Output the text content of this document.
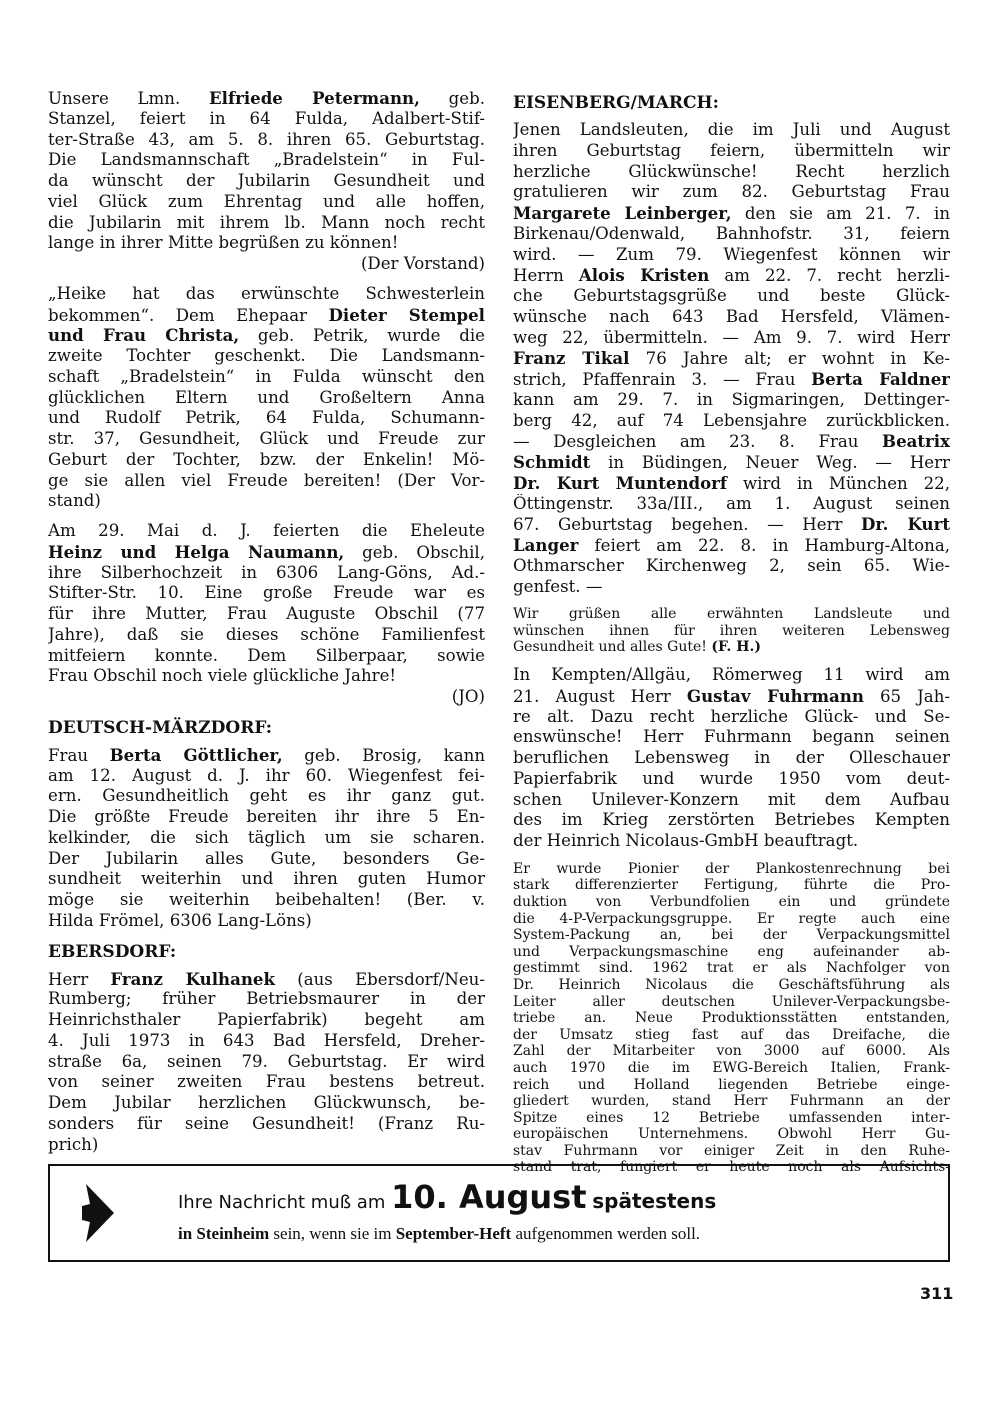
Unsere Lmn. Elfriede Petermann, geb.
Stanzel, feiert in 64 Fulda, Adalbert-Stif-
ter-Straße 43, am 5. 8. ihren 65. Geburtstag.
Die Landsmannschaft „Bradelstein“ in Ful-
da wünscht der Jubilarin Gesundheit und
viel Glück zum Ehrentag und alle hoffen,
die Jubilarin mit ihrem lb. Mann noch recht
lange in ihrer Mitte begrüßen zu können!
(Der Vorstand)
„Heike hat das erwünschte Schwesterlein
bekommen“. Dem Ehepaar Dieter Stempel
und Frau Christa, geb. Petrik, wurde die
zweite Tochter geschenkt. Die Landsmann-
schaft „Bradelstein“ in Fulda wünscht den
glücklichen Eltern und Großeltern Anna
und Rudolf Petrik, 64 Fulda, Schumann-
str. 37, Gesundheit, Glück und Freude zur
Geburt der Tochter, bzw. der Enkelin! Mö-
ge sie allen viel Freude bereiten! (Der Vor-
stand)
Am 29. Mai d. J. feierten die Eheleute
Heinz und Helga Naumann, geb. Obschil,
ihre Silberhochzeit in 6306 Lang-Göns, Ad.-
Stifter-Str. 10. Eine große Freude war es
für ihre Mutter, Frau Auguste Obschil (77
Jahre), daß sie dieses schöne Familienfest
mitfeiern konnte. Dem Silberpaar, sowie
Frau Obschil noch viele glückliche Jahre!
(JO)
DEUTSCH-MÄRZDORF:
Frau Berta Göttlicher, geb. Brosig, kann
am 12. August d. J. ihr 60. Wiegenfest fei-
ern. Gesundheitlich geht es ihr ganz gut.
Die größte Freude bereiten ihr ihre 5 En-
kelkinder, die sich täglich um sie scharen.
Der Jubilarin alles Gute, besonders Ge-
sundheit weiterhin und ihren guten Humor
möge sie weiterhin beibehalten! (Ber. v.
Hilda Frömel, 6306 Lang-Löns)
EBERSDORF:
Herr Franz Kulhanek (aus Ebersdorf/Neu-
Rumberg; früher Betriebsmaurer in der
Heinrichsthaler Papierfabrik) begeht am
4. Juli 1973 in 643 Bad Hersfeld, Dreher-
straße 6a, seinen 79. Geburtstag. Er wird
von seiner zweiten Frau bestens betreut.
Dem Jubilar herzlichen Glückwunsch, be-
sonders für seine Gesundheit! (Franz Ru-
prich)
EISENBERG/MARCH:
Jenen Landsleuten, die im Juli und August
ihren Geburtstag feiern, übermitteln wir
herzliche Glückwünsche! Recht herzlich
gratulieren wir zum 82. Geburtstag Frau
Margarete Leinberger, den sie am 21. 7. in
Birkenau/Odenwald, Bahnhofstr. 31, feiern
wird. — Zum 79. Wiegenfest können wir
Herrn Alois Kristen am 22. 7. recht herzli-
che Geburtstagsgrüße und beste Glück-
wünsche nach 643 Bad Hersfeld, Vlämen-
weg 22, übermitteln. — Am 9. 7. wird Herr
Franz Tikal 76 Jahre alt; er wohnt in Ke-
strich, Pfaffenrain 3. — Frau Berta Faldner
kann am 29. 7. in Sigmaringen, Dettinger-
berg 42, auf 74 Lebensjahre zurückblicken.
— Desgleichen am 23. 8. Frau Beatrix
Schmidt in Büdingen, Neuer Weg. — Herr
Dr. Kurt Muntendorf wird in München 22,
Öttingenstr. 33a/III., am 1. August seinen
67. Geburtstag begehen. — Herr Dr. Kurt
Langer feiert am 22. 8. in Hamburg-Altona,
Othmarscher Kirchenweg 2, sein 65. Wie-
genfest. —
Wir grüßen alle erwähnten Landsleute und
wünschen ihnen für ihren weiteren Lebensweg
Gesundheit und alles Gute! (F. H.)
In Kempten/Allgäu, Römerweg 11 wird am
21. August Herr Gustav Fuhrmann 65 Jah-
re alt. Dazu recht herzliche Glück- und Se-
enswünsche! Herr Fuhrmann begann seinen
beruflichen Lebensweg in der Olleschauer
Papierfabrik und wurde 1950 vom deut-
schen Unilever-Konzern mit dem Aufbau
des im Krieg zerstörten Betriebes Kempten
der Heinrich Nicolaus-GmbH beauftragt.
Er wurde Pionier der Plankostenrechnung bei
stark differenzierter Fertigung, führte die Pro-
duktion von Verbundfolien ein und gründete
die 4-P-Verpackungsgruppe. Er regte auch eine
System-Packung an, bei der Verpackungsmittel
und Verpackungsmaschine eng aufeinander ab-
gestimmt sind. 1962 trat er als Nachfolger von
Dr. Heinrich Nicolaus die Geschäftsführung als
Leiter aller deutschen Unilever-Verpackungsbe-
triebe an. Neue Produktionsstätten entstanden,
der Umsatz stieg fast auf das Dreifache, die
Zahl der Mitarbeiter von 3000 auf 6000. Als
auch 1970 die im EWG-Bereich Italien, Frank-
reich und Holland liegenden Betriebe einge-
gliedert wurden, stand Herr Fuhrmann an der
Spitze eines 12 Betriebe umfassenden inter-
europäischen Unternehmens. Obwohl Herr Gu-
stav Fuhrmann vor einiger Zeit in den Ruhe-
stand trat, fungiert er heute noch als Aufsichts-
Ihre Nachricht muß am 10. August spätestens
in Steinheim sein, wenn sie im September-Heft aufgenommen werden soll.
311
